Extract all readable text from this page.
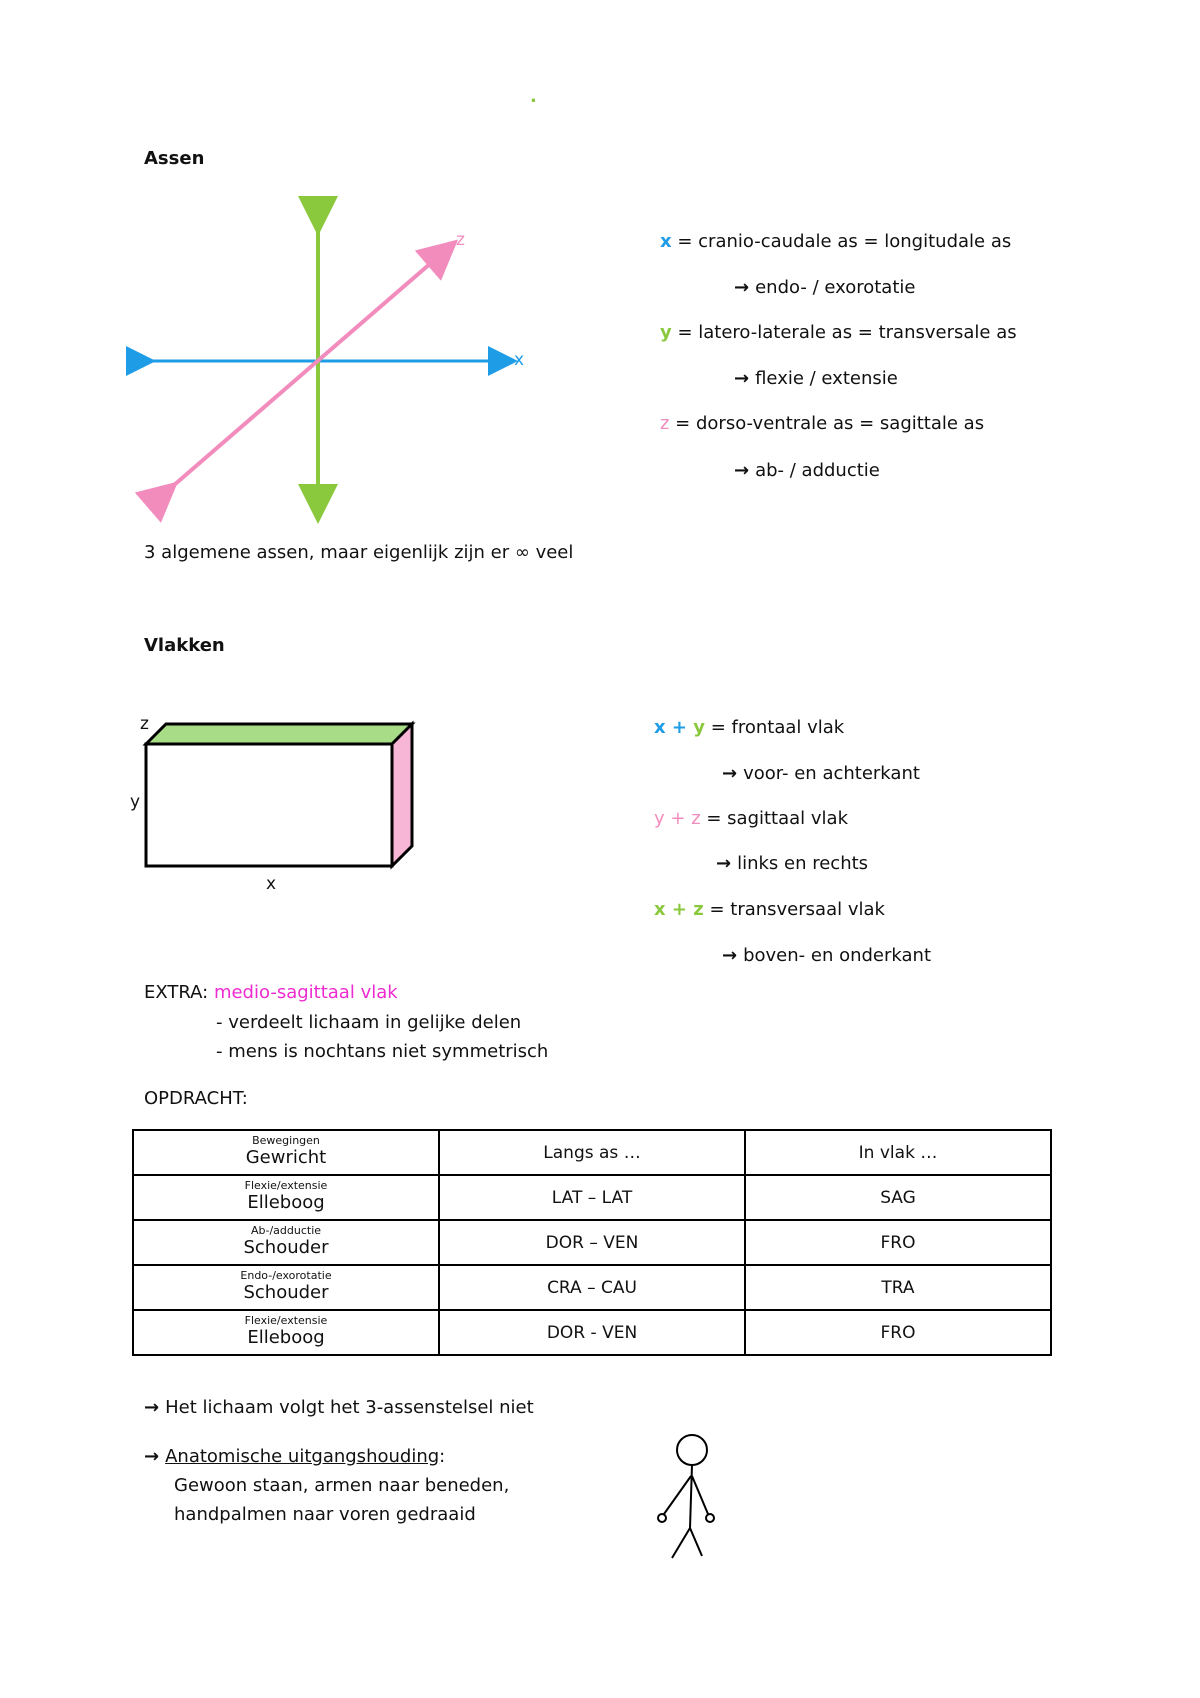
.
Assen
y
z
x
x = cranio-caudale as = longitudale as
→ endo- / exorotatie
y = latero-laterale as = transversale as
→ flexie / extensie
z = dorso-ventrale as = sagittale as
→ ab- / adductie
3 algemene assen, maar eigenlijk zijn er ∞ veel
Vlakken
z
y
x
x + y = frontaal vlak
→ voor- en achterkant
y + z = sagittaal vlak
→ links en rechts
x + z = transversaal vlak
→ boven- en onderkant
EXTRA: medio-sagittaal vlak
- verdeelt lichaam in gelijke delen
- mens is nochtans niet symmetrisch
OPDRACHT:
Bewegingen
Gewricht	Langs as …	In vlak …

Flexie/extensie
Elleboog	LAT – LAT	SAG

Ab-/adductie
Schouder	DOR – VEN	FRO

Endo-/exorotatie
Schouder	CRA – CAU	TRA

Flexie/extensie
Elleboog	DOR - VEN	FRO
→ Het lichaam volgt het 3-assenstelsel niet
→ Anatomische uitgangshouding:
Gewoon staan, armen naar beneden,
handpalmen naar voren gedraaid
